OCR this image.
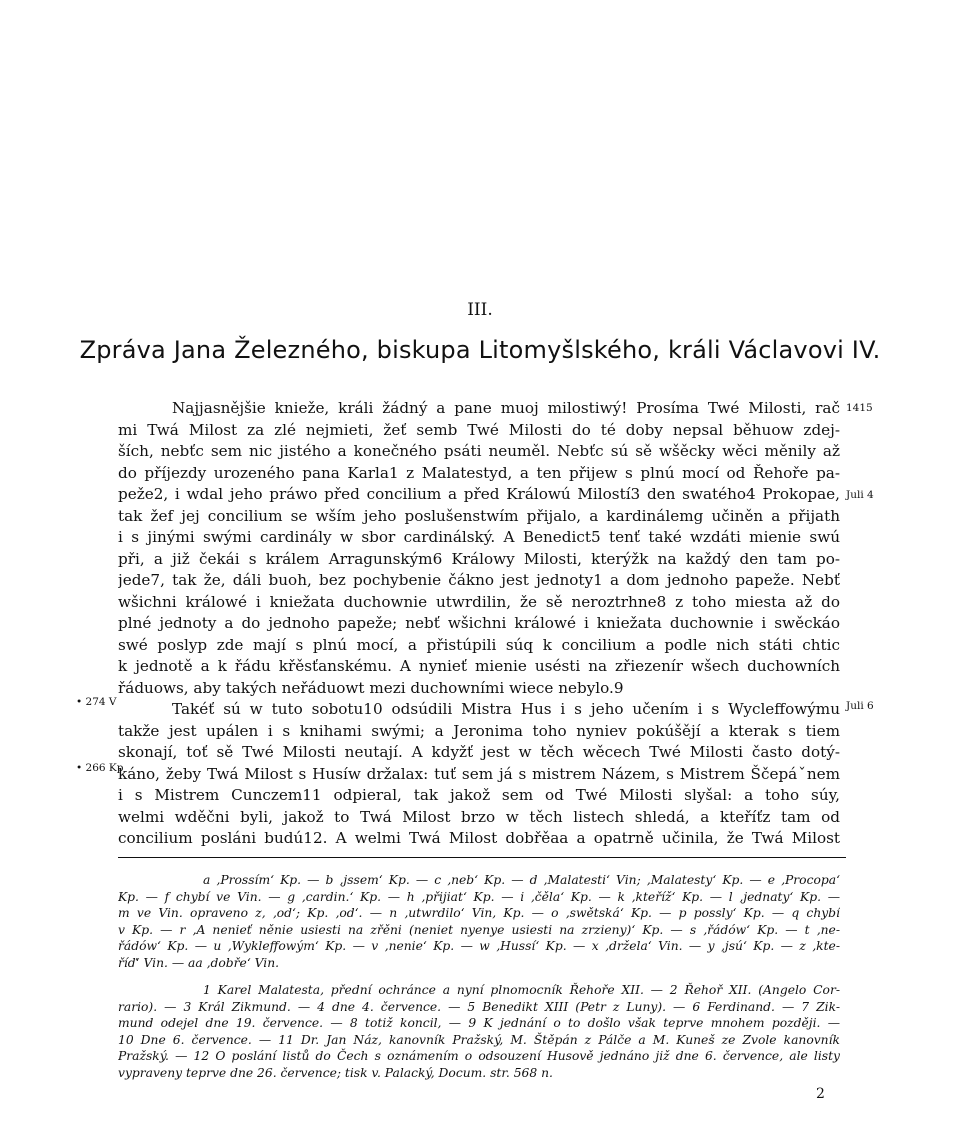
III.
Zpráva Jana Železného, biskupa Litomyšlského, králi Václavovi IV.
Najjasnějšie knieže, králi žádný a pane muoj milostiwý! Prosíma Twé Milosti, rač
mi Twá Milost za zlé nejmieti, žeť semb Twé Milosti do té doby nepsal běhuow zdej-
ších, nebťc sem nic jistého a konečného psáti neuměl. Nebťc sú sě wšěcky wěci měnily až
do příjezdy urozeného pana Karla1 z Malatestyd, a ten přijew s plnú mocí od Řehoře pa-
peže2, i wdal jeho práwo před concilium a před Králowú Milostí3 den swatého4 Prokopae,
tak žef jej concilium se wším jeho poslušenstwím přijalo, a kardinálemg učiněn a přijath
i s jinými swými cardinály w sbor cardinálský. A Benedict5 tenť také wzdáti mienie swú
při, a již čekái s králem Arragunským6 Králowy Milosti, kterýžk na každý den tam po-
jede7, tak že, dáli buoh, bez pochybenie čákno jest jednoty1 a dom jednoho papeže. Nebť
wšichni králowé i kniežata duchownie utwrdilin, že sě neroztrhne8 z toho miesta až do
plné jednoty a do jednoho papeže; nebť wšichni králowé i kniežata duchownie i swěckáo
swé poslyp zde mají s plnú mocí, a přistúpili súq k concilium a podle nich státi chtic
k jednotě a k řádu křěsťanskému. A nynieť mienie usésti na zřiezenír wšech duchowních
řáduows, aby takých neřáduowt mezi duchowními wiece nebylo.9
Takéť sú w tuto sobotu10 odsúdili Mistra Hus i s jeho učením i s Wycleffowýmu
takže jest upálen i s knihami swými; a Jeronima toho nyniev pokúšějí a kterak s tiem
skonají, toť sě Twé Milosti neutají. A kdyžť jest w těch wěcech Twé Milosti často dotý-
káno, žeby Twá Milost s Husíw držalax: tuť sem já s mistrem Názem, s Mistrem Ščepáˇnem
i s Mistrem Cunczem11 odpieral, tak jakož sem od Twé Milosti slyšal: a toho súy,
welmi wděčni byli, jakož to Twá Milost brzo w těch listech shledá, a kteříťz tam od
concilium posláni budú12. A welmi Twá Milost dobřěaa a opatrně učinila, že Twá Milost
1415
Juli 4
• 274 V	Juli 6
• 266 Kp
a ‚Prossím‘ Kp. — b ‚jssem‘ Kp. — c ‚neb‘ Kp. — d ‚Malatesti‘ Vin; ‚Malatesty‘ Kp. — e ‚Procopa‘
Kp. — f chybí ve Vin. — g ‚cardin.‘ Kp. — h ‚přijiat‘ Kp. — i ‚čěla‘ Kp. — k ‚kteříž‘ Kp. — l ‚jednaty‘ Kp. —
m ve Vin. opraveno z, ‚od‘; Kp. ‚od‘. — n ‚utwrdilo‘ Vin, Kp. — o ‚swětská‘ Kp. — p possly‘ Kp. — q chybí
v Kp. — r ‚A nenieť něnie usiesti na zřěni (neniet nyenye usiesti na zrzieny)‘ Kp. — s ‚řádów‘ Kp. — t ‚ne-
řádów‘ Kp. — u ‚Wykleffowým‘ Kp. — v ‚nenie‘ Kp. — w ‚Hussí‘ Kp. — x ‚držela‘ Vin. — y ‚jsú‘ Kp. — z ‚kte-
říď‘ Vin. — aa ‚dobře‘ Vin.
1 Karel Malatesta, přední ochránce a nyní plnomocník Řehoře XII. — 2 Řehoř XII. (Angelo Cor-
rario). — 3 Král Zikmund. — 4 dne 4. července. — 5 Benedikt XIII (Petr z Luny). — 6 Ferdinand. — 7 Zik-
mund odejel dne 19. července. — 8 totiž koncil, — 9 K jednání o to došlo však teprve mnohem později. —
10 Dne 6. července. — 11 Dr. Jan Náz, kanovník Pražský, M. Štěpán z Pálče a M. Kuneš ze Zvole kanovník
Pražský. — 12 O poslání listů do Čech s oznámením o odsouzení Husově jednáno již dne 6. července, ale listy
vypraveny teprve dne 26. července; tisk v. Palacký, Docum. str. 568 n.
2
